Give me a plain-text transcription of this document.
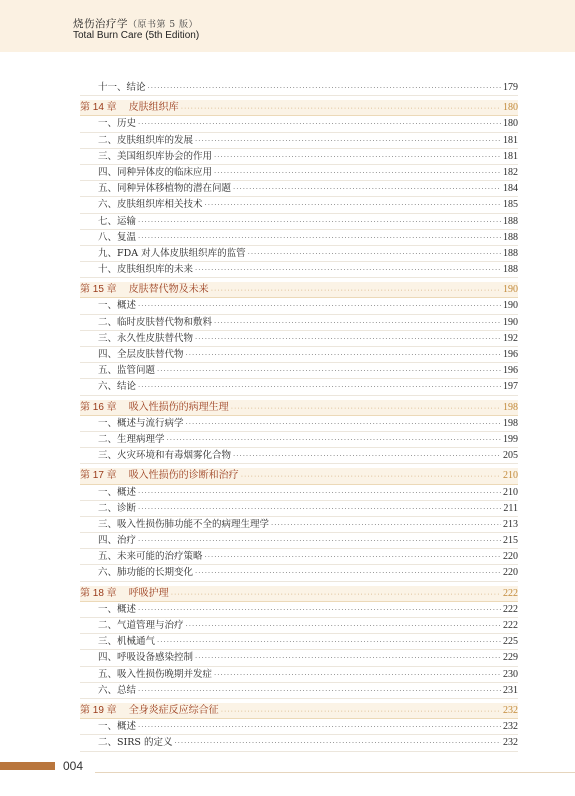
烧伤治疗学（原书第 5 版）
Total Burn Care (5th Edition)
十一、结论 ·····	179
第 14 章 皮肤组织库 ·····	180
一、历史 ·····	180
二、皮肤组织库的发展 ·····	181
三、美国组织库协会的作用 ·····	181
四、同种异体皮的临床应用 ·····	182
五、同种异体移植物的潜在问题 ·····	184
六、皮肤组织库相关技术 ·····	185
七、运输 ·····	188
八、复温 ·····	188
九、FDA 对人体皮肤组织库的监管 ·····	188
十、皮肤组织库的未来 ·····	188
第 15 章 皮肤替代物及未来 ·····	190
一、概述 ·····	190
二、临时皮肤替代物和敷料 ·····	190
三、永久性皮肤替代物 ·····	192
四、全层皮肤替代物 ·····	196
五、监管问题 ·····	196
六、结论 ·····	197
第 16 章 吸入性损伤的病理生理 ·····	198
一、概述与流行病学 ·····	198
二、生理病理学 ·····	199
三、火灾环境和有毒烟雾化合物 ·····	205
第 17 章 吸入性损伤的诊断和治疗 ·····	210
一、概述 ·····	210
二、诊断 ·····	211
三、吸入性损伤肺功能不全的病理生理学 ·····	213
四、治疗 ·····	215
五、未来可能的治疗策略 ·····	220
六、肺功能的长期变化 ·····	220
第 18 章 呼吸护理 ·····	222
一、概述 ·····	222
二、气道管理与治疗 ·····	222
三、机械通气 ·····	225
四、呼吸设备感染控制 ·····	229
五、吸入性损伤晚期并发症 ·····	230
六、总结 ·····	231
第 19 章 全身炎症反应综合征 ·····	232
一、概述 ·····	232
二、SIRS 的定义 ·····	232
004
